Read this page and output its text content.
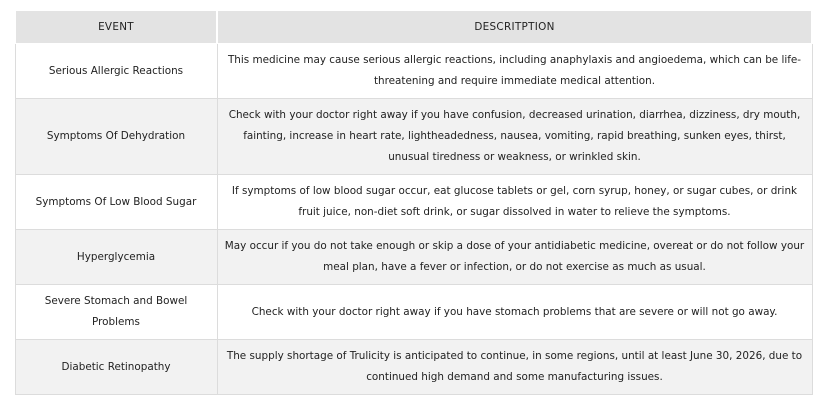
EVENT	DESCRITPTION
Serious Allergic Reactions	This medicine may cause serious allergic reactions, including anaphylaxis and angioedema, which can be life-threatening and require immediate medical attention.
Symptoms Of Dehydration	Check with your doctor right away if you have confusion, decreased urination, diarrhea, dizziness, dry mouth, fainting, increase in heart rate, lightheadedness, nausea, vomiting, rapid breathing, sunken eyes, thirst, unusual tiredness or weakness, or wrinkled skin.
Symptoms Of Low Blood Sugar	If symptoms of low blood sugar occur, eat glucose tablets or gel, corn syrup, honey, or sugar cubes, or drink fruit juice, non-diet soft drink, or sugar dissolved in water to relieve the symptoms.
Hyperglycemia	May occur if you do not take enough or skip a dose of your antidiabetic medicine, overeat or do not follow your meal plan, have a fever or infection, or do not exercise as much as usual.
Severe Stomach and Bowel Problems	Check with your doctor right away if you have stomach problems that are severe or will not go away.
Diabetic Retinopathy	The supply shortage of Trulicity is anticipated to continue, in some regions, until at least June 30, 2026, due to continued high demand and some manufacturing issues.
